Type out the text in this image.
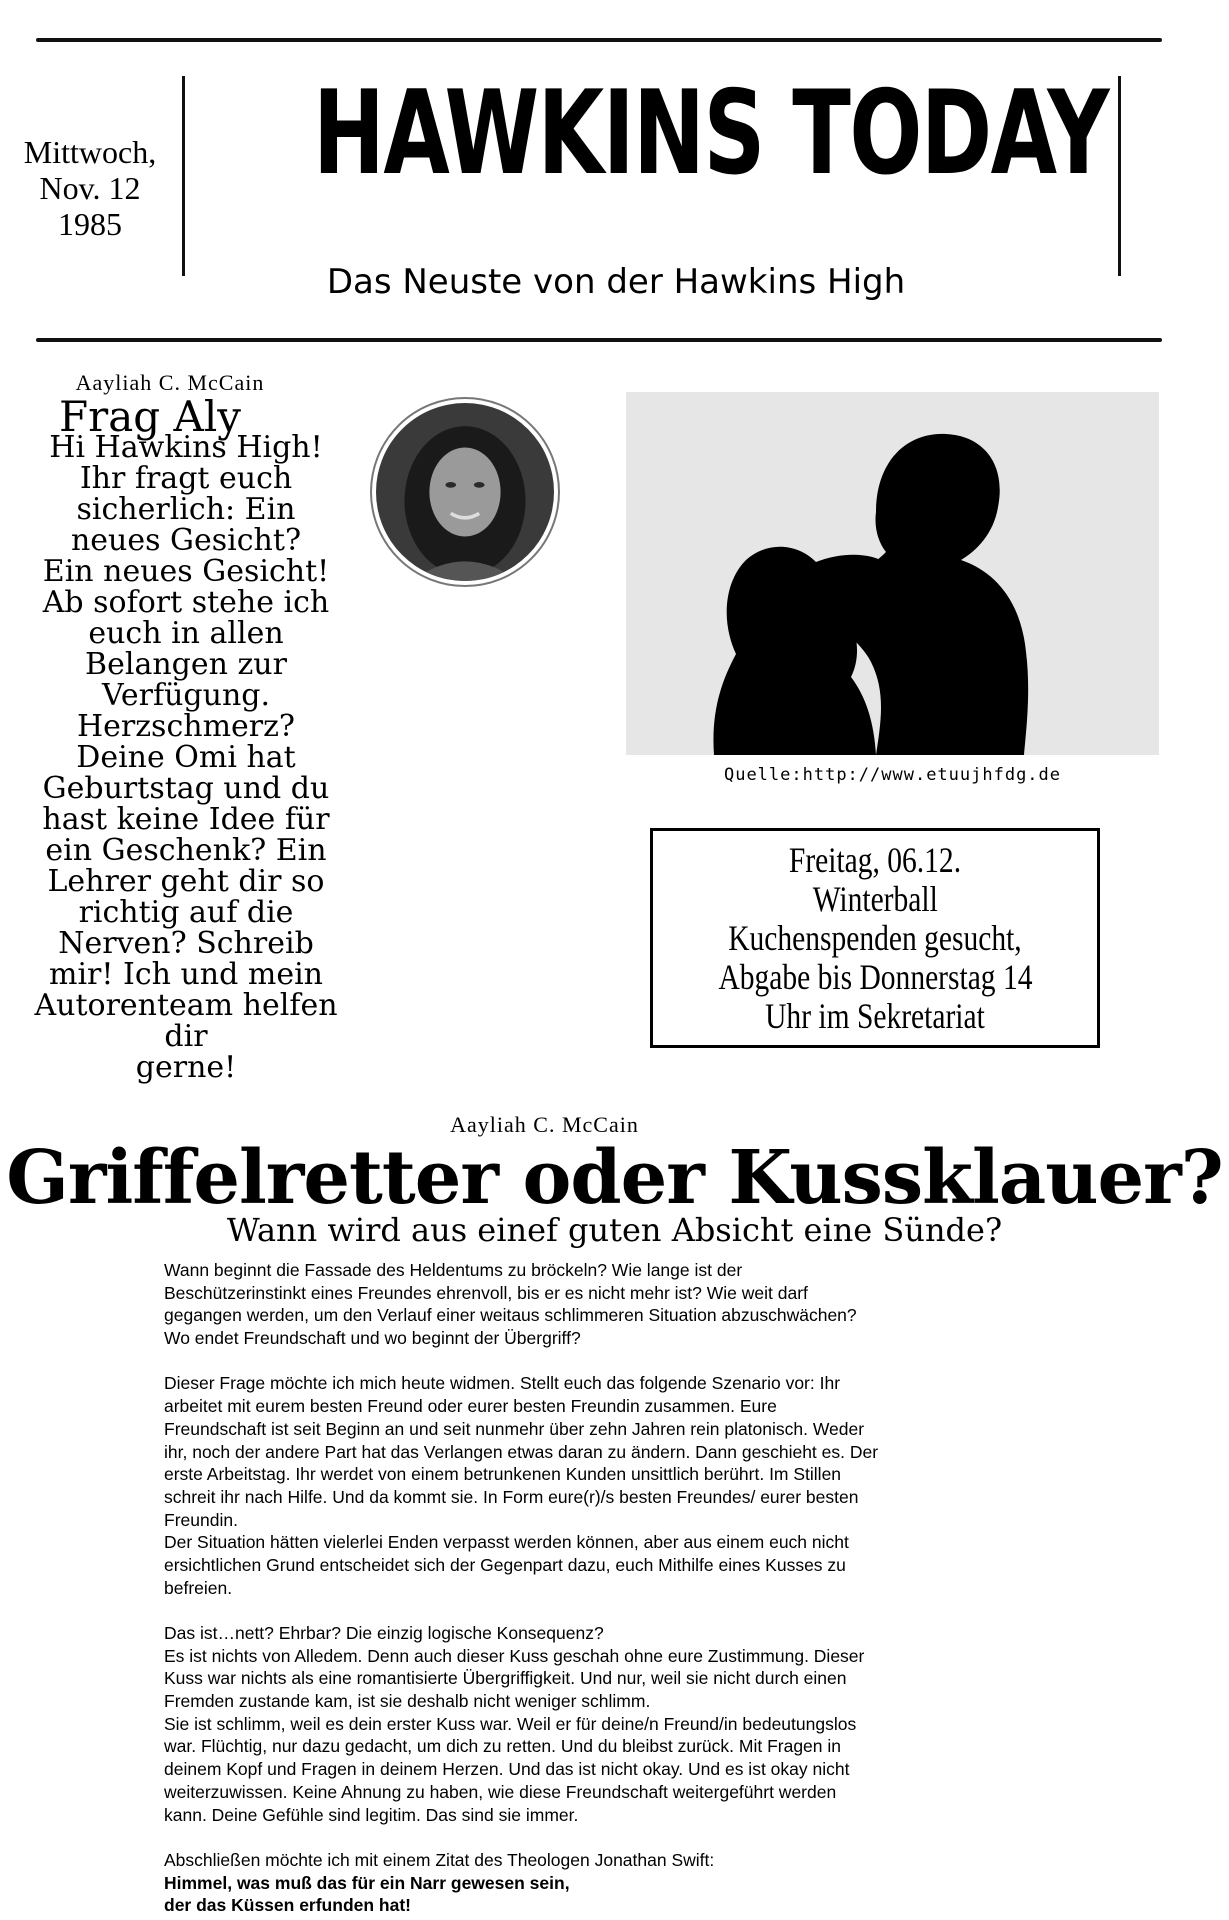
Mittwoch,
Nov. 12
1985
HAWKINS TODAY
Das Neuste von der Hawkins High
Aayliah C. McCain
Frag Aly
Hi Hawkins High!
Ihr fragt euch
sicherlich: Ein
neues Gesicht?
Ein neues Gesicht!
Ab sofort stehe ich
euch in allen
Belangen zur
Verfügung.
Herzschmerz?
Deine Omi hat
Geburtstag und du
hast keine Idee für
ein Geschenk? Ein
Lehrer geht dir so
richtig auf die
Nerven? Schreib
mir! Ich und mein
Autorenteam helfen
dir
gerne!
Quelle:http://www.etuujhfdg.de
Freitag, 06.12.
Winterball
Kuchenspenden gesucht,
Abgabe bis Donnerstag 14
Uhr im Sekretariat
Aayliah C. McCain
Griffelretter oder Kussklauer?
Wann wird aus einef guten Absicht eine Sünde?
Wann beginnt die Fassade des Heldentums zu bröckeln? Wie lange ist der
Beschützerinstinkt eines Freundes ehrenvoll, bis er es nicht mehr ist? Wie weit darf
gegangen werden, um den Verlauf einer weitaus schlimmeren Situation abzuschwächen?
Wo endet Freundschaft und wo beginnt der Übergriff?
Dieser Frage möchte ich mich heute widmen. Stellt euch das folgende Szenario vor: Ihr
arbeitet mit eurem besten Freund oder eurer besten Freundin zusammen. Eure
Freundschaft ist seit Beginn an und seit nunmehr über zehn Jahren rein platonisch. Weder
ihr, noch der andere Part hat das Verlangen etwas daran zu ändern. Dann geschieht es. Der
erste Arbeitstag. Ihr werdet von einem betrunkenen Kunden unsittlich berührt. Im Stillen
schreit ihr nach Hilfe. Und da kommt sie. In Form eure(r)/s besten Freundes/ eurer besten
Freundin.
Der Situation hätten vielerlei Enden verpasst werden können, aber aus einem euch nicht
ersichtlichen Grund entscheidet sich der Gegenpart dazu, euch Mithilfe eines Kusses zu
befreien.
Das ist…nett? Ehrbar? Die einzig logische Konsequenz?
Es ist nichts von Alledem. Denn auch dieser Kuss geschah ohne eure Zustimmung. Dieser
Kuss war nichts als eine romantisierte Übergriffigkeit. Und nur, weil sie nicht durch einen
Fremden zustande kam, ist sie deshalb nicht weniger schlimm.
Sie ist schlimm, weil es dein erster Kuss war. Weil er für deine/n Freund/in bedeutungslos
war. Flüchtig, nur dazu gedacht, um dich zu retten. Und du bleibst zurück. Mit Fragen in
deinem Kopf und Fragen in deinem Herzen. Und das ist nicht okay. Und es ist okay nicht
weiterzuwissen. Keine Ahnung zu haben, wie diese Freundschaft weitergeführt werden
kann. Deine Gefühle sind legitim. Das sind sie immer.
Abschließen möchte ich mit einem Zitat des Theologen Jonathan Swift:
Himmel, was muß das für ein Narr gewesen sein,
der das Küssen erfunden hat!
